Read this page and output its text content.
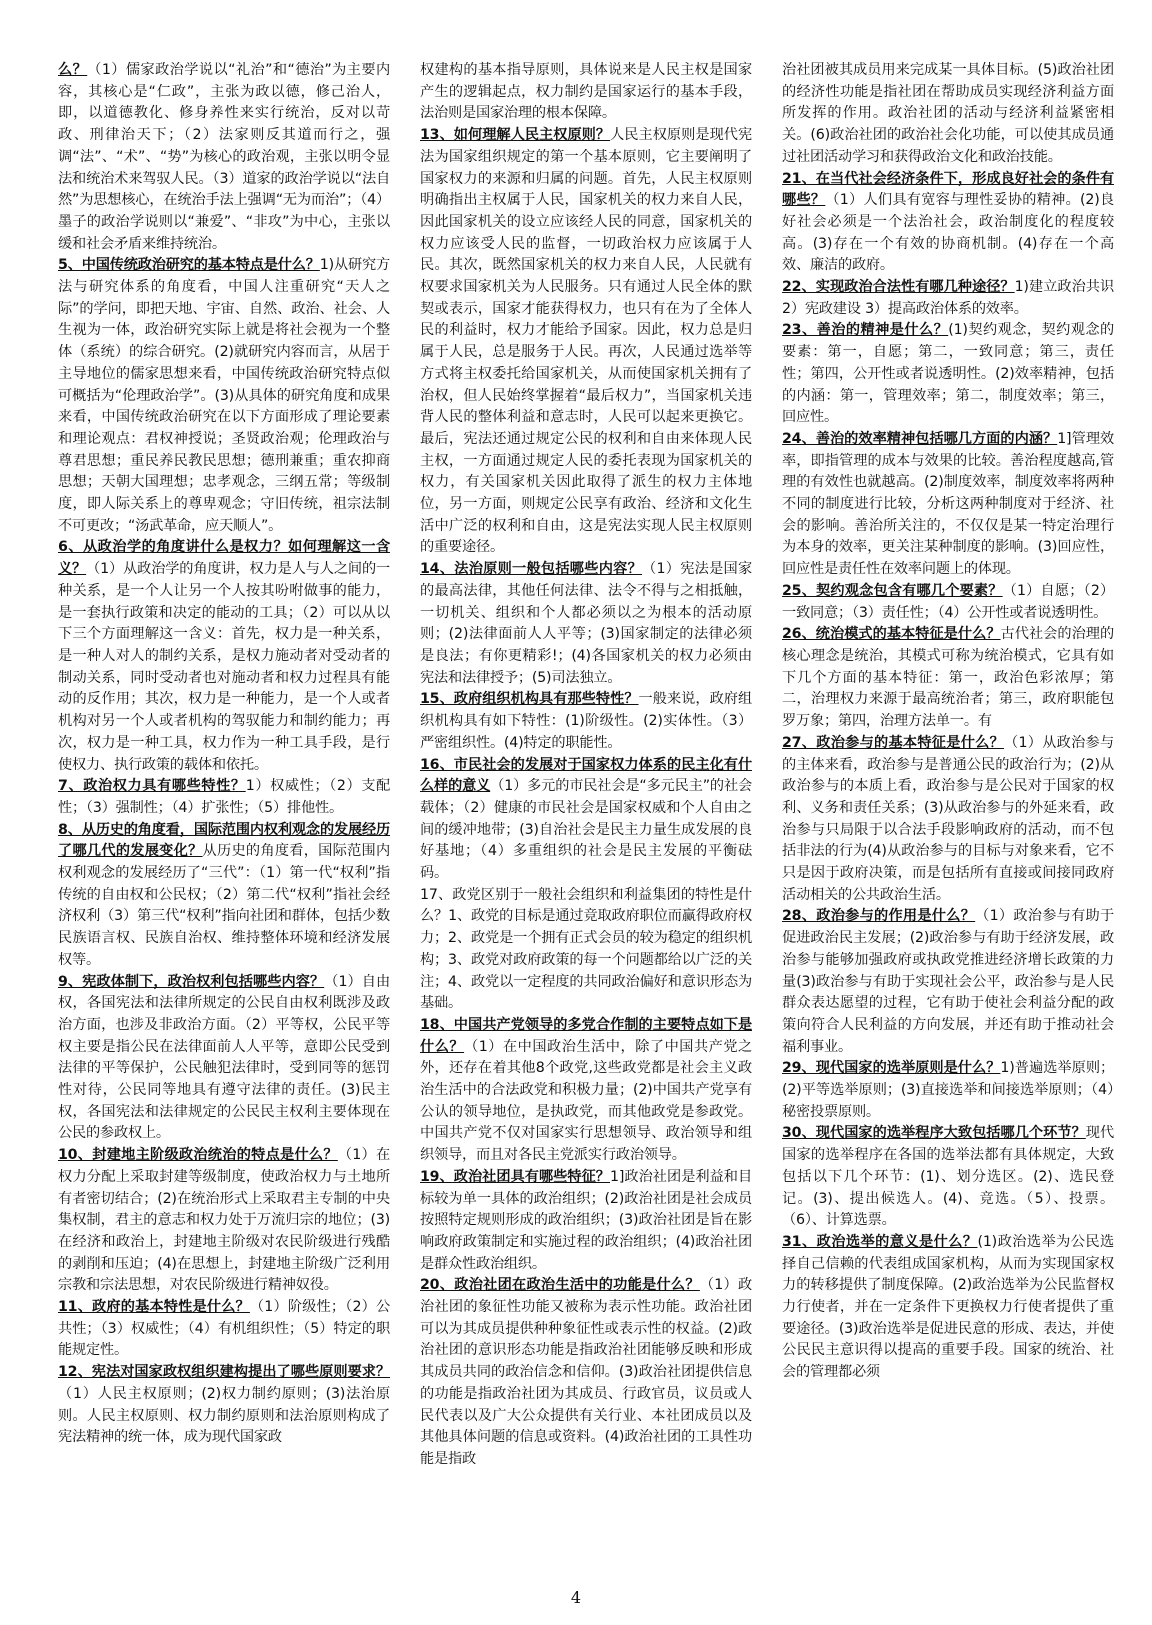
么？（1）儒家政治学说以“礼治”和“德治”为主要内容，其核心是“仁政”，主张为政以德，修己治人，即，以道德教化、修身养性来实行统治，反对以苛政、刑律治天下；（2）法家则反其道而行之，强调“法”、“术”、“势”为核心的政治观，主张以明令显法和统治术来驾驭人民。（3）道家的政治学说以“法自然”为思想核心，在统治手法上强调“无为而治”；（4）墨子的政治学说则以“兼爱”、“非攻”为中心，主张以缓和社会矛盾来维持统治。

5、中国传统政治研究的基本特点是什么？1)从研究方法与研究体系的角度看，中国人注重研究“天人之际”的学问，即把天地、宇宙、自然、政治、社会、人生视为一体，政治研究实际上就是将社会视为一个整体（系统）的综合研究。(2)就研究内容而言，从居于主导地位的儒家思想来看，中国传统政治研究特点似可概括为“伦理政治学”。(3)从具体的研究角度和成果来看，中国传统政治研究在以下方面形成了理论要素和理论观点：君权神授说；圣贤政治观；伦理政治与尊君思想；重民养民教民思想；德刑兼重；重农抑商思想；天朝大国理想；忠孝观念，三纲五常；等级制度，即人际关系上的尊卑观念；守旧传统，祖宗法制不可更改；“汤武革命，应天顺人”。

6、从政治学的角度讲什么是权力？如何理解这一含义？（1）从政治学的角度讲，权力是人与人之间的一种关系，是一个人让另一个人按其吩咐做事的能力，是一套执行政策和决定的能动的工具；（2）可以从以下三个方面理解这一含义：首先，权力是一种关系，是一种人对人的制约关系，是权力施动者对受动者的制动关系，同时受动者也对施动者和权力过程具有能动的反作用；其次，权力是一种能力，是一个人或者机构对另一个人或者机构的驾驭能力和制约能力；再次，权力是一种工具，权力作为一种工具手段，是行使权力、执行政策的载体和依托。

7、政治权力具有哪些特性？1）权威性；（2）支配性；（3）强制性；（4）扩张性；（5）排他性。

8、从历史的角度看，国际范围内权利观念的发展经历了哪几代的发展变化？从历史的角度看，国际范围内权利观念的发展经历了“三代”：（1）第一代“权利”指传统的自由权和公民权；（2）第二代“权利”指社会经济权利（3）第三代“权利”指向社团和群体，包括少数民族语言权、民族自治权、维持整体环境和经济发展权等。

9、宪政体制下，政治权利包括哪些内容？（1）自由权，各国宪法和法律所规定的公民自由权利既涉及政治方面，也涉及非政治方面。（2）平等权，公民平等权主要是指公民在法律面前人人平等，意即公民受到法律的平等保护，公民触犯法律时，受到同等的惩罚性对待，公民同等地具有遵守法律的责任。(3)民主权，各国宪法和法律规定的公民民主权利主要体现在公民的参政权上。

10、封建地主阶级政治统治的特点是什么？（1）在权力分配上采取封建等级制度，使政治权力与土地所有者密切结合；(2)在统治形式上采取君主专制的中央集权制，君主的意志和权力处于万流归宗的地位；(3)在经济和政治上，封建地主阶级对农民阶级进行残酷的剥削和压迫；(4)在思想上，封建地主阶级广泛利用宗教和宗法思想，对农民阶级进行精神奴役。

11、政府的基本特性是什么？（1）阶级性；（2）公共性；（3）权威性；（4）有机组织性；（5）特定的职能规定性。

12、宪法对国家政权组织建构提出了哪些原则要求？（1）人民主权原则；(2)权力制约原则；(3)法治原则。人民主权原则、权力制约原则和法治原则构成了宪法精神的统一体，成为现代国家政

权建构的基本指导原则，具体说来是人民主权是国家产生的逻辑起点，权力制约是国家运行的基本手段，法治则是国家治理的根本保障。

13、如何理解人民主权原则？人民主权原则是现代宪法为国家组织规定的第一个基本原则，它主要阐明了国家权力的来源和归属的问题。首先，人民主权原则明确指出主权属于人民，国家机关的权力来自人民，因此国家机关的设立应该经人民的同意，国家机关的权力应该受人民的监督，一切政治权力应该属于人民。其次，既然国家机关的权力来自人民，人民就有权要求国家机关为人民服务。只有通过人民全体的默契或表示，国家才能获得权力，也只有在为了全体人民的利益时，权力才能给予国家。因此，权力总是归属于人民，总是服务于人民。再次，人民通过选举等方式将主权委托给国家机关，从而使国家机关拥有了治权，但人民始终掌握着“最后权力”，当国家机关违背人民的整体利益和意志时，人民可以起来更换它。最后，宪法还通过规定公民的权利和自由来体现人民主权，一方面通过规定人民的委托表现为国家机关的权力，有关国家机关因此取得了派生的权力主体地位，另一方面，则规定公民享有政治、经济和文化生活中广泛的权利和自由，这是宪法实现人民主权原则的重要途径。

14、法治原则一般包括哪些内容？（1）宪法是国家的最高法律，其他任何法律、法令不得与之相抵触，一切机关、组织和个人都必须以之为根本的活动原则；(2)法律面前人人平等；(3)国家制定的法律必须是良法；有你更精彩!；(4)各国家机关的权力必须由宪法和法律授予；(5)司法独立。

15、政府组织机构具有那些特性？一般来说，政府组织机构具有如下特性：(1)阶级性。(2)实体性。（3）严密组织性。(4)特定的职能性。

16、市民社会的发展对于国家权力体系的民主化有什么样的意义（1）多元的市民社会是“多元民主”的社会载体；（2）健康的市民社会是国家权威和个人自由之间的缓冲地带；(3)自治社会是民主力量生成发展的良好基地；（4）多重组织的社会是民主发展的平衡砝码。

17、政党区别于一般社会组织和利益集团的特性是什么？1、政党的目标是通过竞取政府职位而赢得政府权力；2、政党是一个拥有正式会员的较为稳定的组织机构；3、政党对政府政策的每一个问题都给以广泛的关注；4、政党以一定程度的共同政治偏好和意识形态为基础。

18、中国共产党领导的多党合作制的主要特点如下是什么？（1）在中国政治生活中，除了中国共产党之外，还存在着其他8个政党,这些政党都是社会主义政治生活中的合法政党和积极力量；(2)中国共产党享有公认的领导地位，是执政党，而其他政党是参政党。中国共产党不仅对国家实行思想领导、政治领导和组织领导，而且对各民主党派实行政治领导。

19、政治社团具有哪些特征？1]政治社团是利益和目标较为单一具体的政治组织；(2)政治社团是社会成员按照特定规则形成的政治组织；(3)政治社团是旨在影响政府政策制定和实施过程的政治组织；(4)政治社团是群众性政治组织。

20、政治社团在政治生活中的功能是什么？（1）政治社团的象征性功能又被称为表示性功能。政治社团可以为其成员提供种种象征性或表示性的权益。(2)政治社团的意识形态功能是指政治社团能够反映和形成其成员共同的政治信念和信仰。(3)政治社团提供信息的功能是指政治社团为其成员、行政官员，议员或人民代表以及广大公众提供有关行业、本社团成员以及其他具体问题的信息或资料。(4)政治社团的工具性功能是指政

治社团被其成员用来完成某一具体目标。(5)政治社团的经济性功能是指社团在帮助成员实现经济利益方面所发挥的作用。政治社团的活动与经济利益紧密相关。(6)政治社团的政治社会化功能，可以使其成员通过社团活动学习和获得政治文化和政治技能。

21、在当代社会经济条件下，形成良好社会的条件有哪些？（1）人们具有宽容与理性妥协的精神。(2)良好社会必须是一个法治社会，政治制度化的程度较高。(3)存在一个有效的协商机制。(4)存在一个高效、廉洁的政府。

22、实现政治合法性有哪几种途径？1)建立政治共识 2）宪政建设 3）提高政治体系的效率。

23、善治的精神是什么？(1)契约观念，契约观念的要素：第一，自愿；第二，一致同意；第三，责任性；第四，公开性或者说透明性。(2)效率精神，包括的内涵：第一，管理效率；第二，制度效率；第三，回应性。

24、善治的效率精神包括哪几方面的内涵？1]管理效率，即指管理的成本与效果的比较。善治程度越高,管理的有效性也就越高。(2)制度效率，制度效率将两种不同的制度进行比较，分析这两种制度对于经济、社会的影响。善治所关注的，不仅仅是某一特定治理行为本身的效率，更关注某种制度的影响。(3)回应性，回应性是责任性在效率问题上的体现。

25、契约观念包含有哪几个要素？（1）自愿；（2）一致同意；（3）责任性；（4）公开性或者说透明性。

26、统治模式的基本特征是什么？古代社会的治理的核心理念是统治，其模式可称为统治模式，它具有如下几个方面的基本特征：第一，政治色彩浓厚；第二，治理权力来源于最高统治者；第三，政府职能包罗万象；第四，治理方法单一。有

27、政治参与的基本特征是什么？（1）从政治参与的主体来看，政治参与是普通公民的政治行为；(2)从政治参与的本质上看，政治参与是公民对于国家的权利、义务和责任关系；(3)从政治参与的外延来看，政治参与只局限于以合法手段影响政府的活动，而不包括非法的行为(4)从政治参与的目标与对象来看，它不只是因于政府决策，而是包括所有直接或间接同政府活动相关的公共政治生活。

28、政治参与的作用是什么？（1）政治参与有助于促进政治民主发展；(2)政治参与有助于经济发展，政治参与能够加强政府或执政党推进经济增长政策的力量(3)政治参与有助于实现社会公平，政治参与是人民群众表达愿望的过程，它有助于使社会利益分配的政策向符合人民利益的方向发展，并还有助于推动社会福利事业。

29、现代国家的选举原则是什么？1)普遍选举原则；(2)平等选举原则；(3)直接选举和间接选举原则；（4）秘密投票原则。

30、现代国家的选举程序大致包括哪几个环节？现代国家的选举程序在各国的选举法都有具体规定，大致包括以下几个环节：(1)、划分选区。(2)、选民登记。(3)、提出候选人。(4)、竞选。（5）、投票。（6）、计算选票。

31、政治选举的意义是什么？(1)政治选举为公民选择自己信赖的代表组成国家机构，从而为实现国家权力的转移提供了制度保障。(2)政治选举为公民监督权力行使者，并在一定条件下更换权力行使者提供了重要途径。(3)政治选举是促进民意的形成、表达，并使公民民主意识得以提高的重要手段。国家的统治、社会的管理都必须

4
